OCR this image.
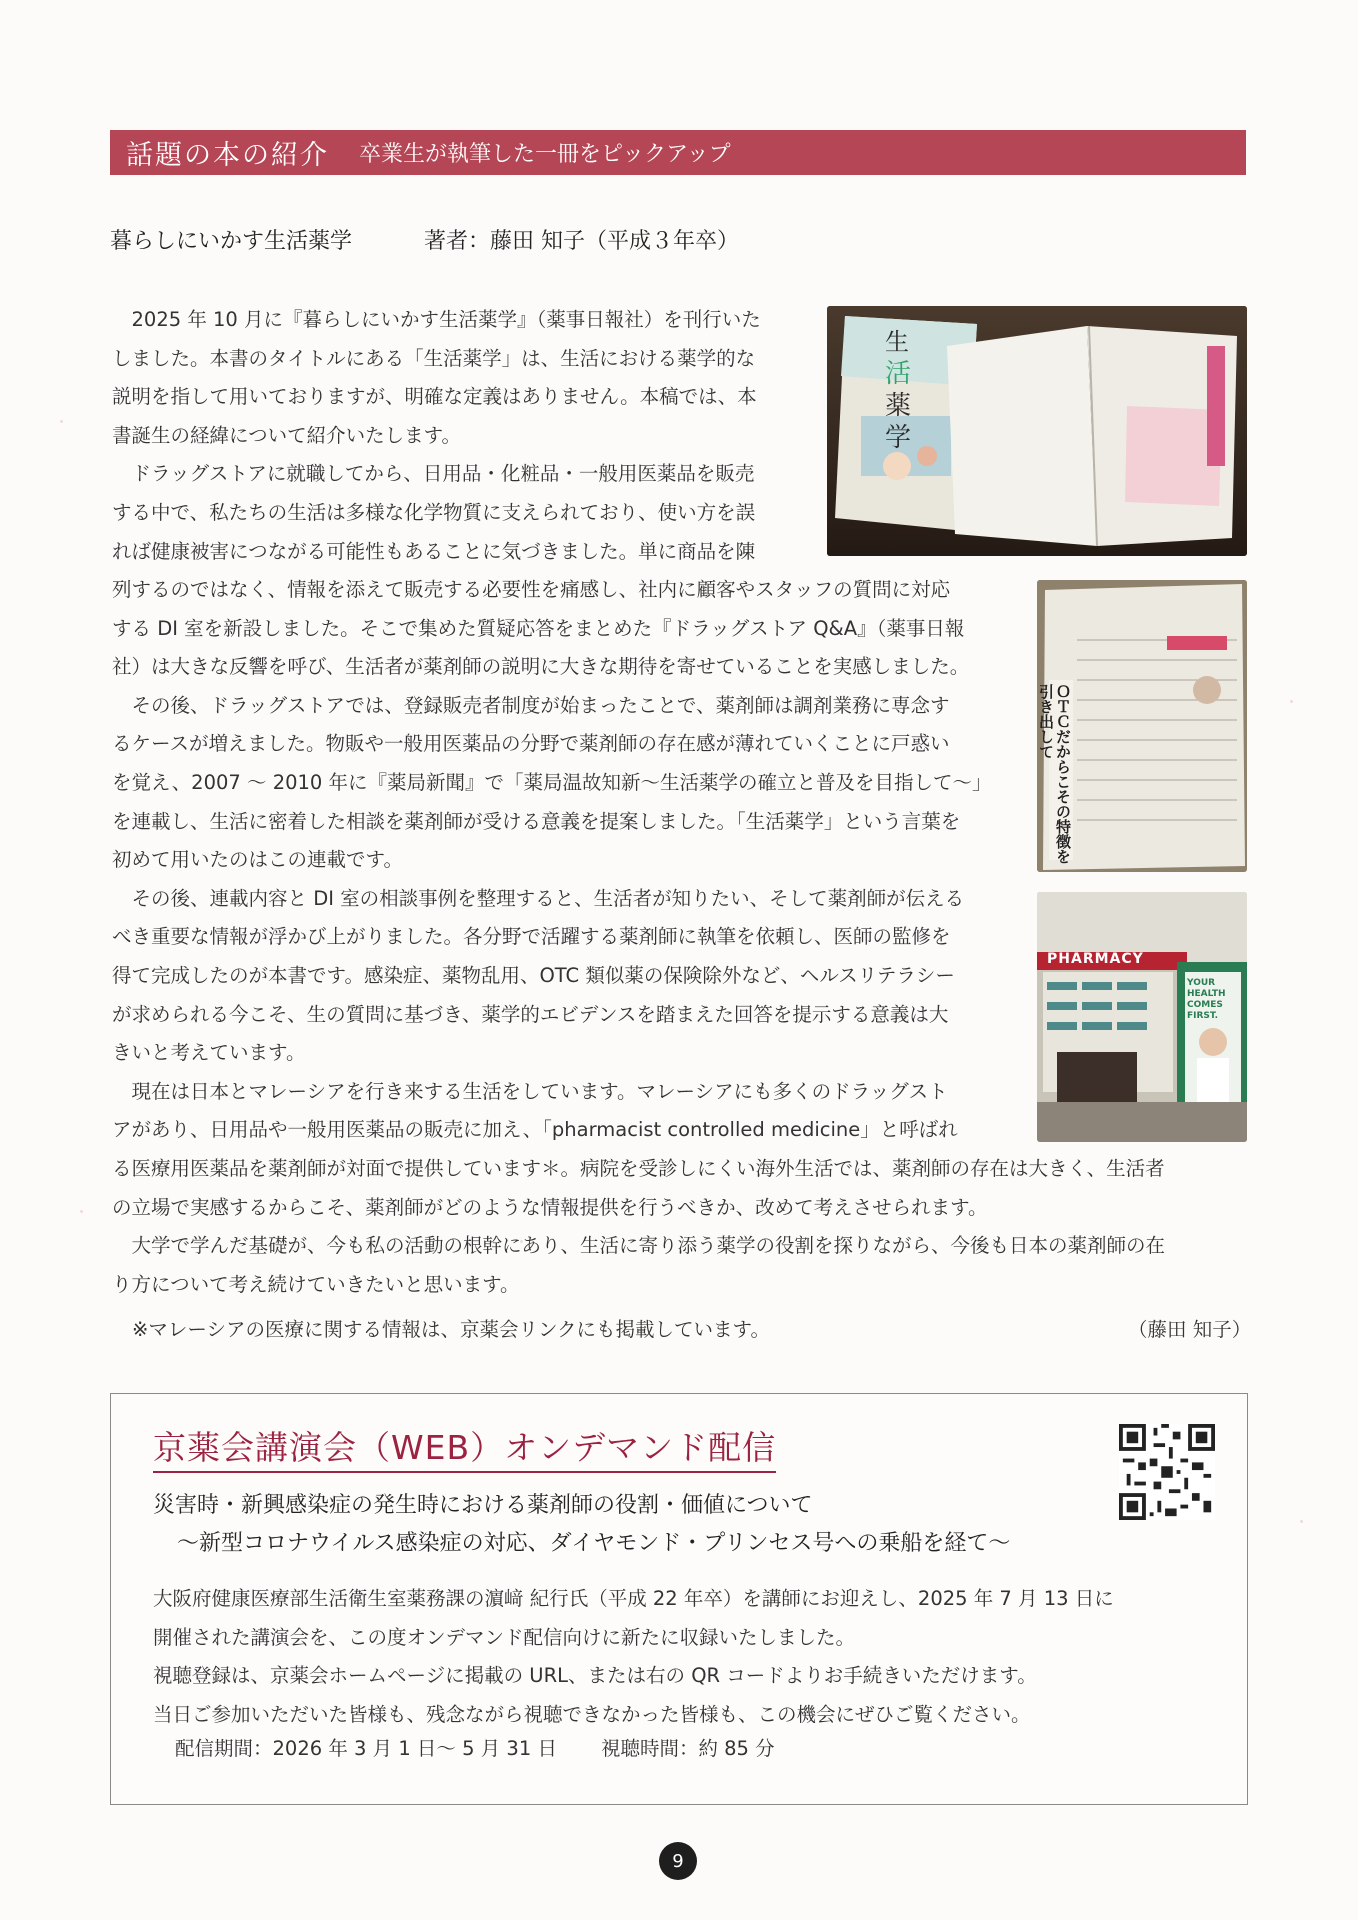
話題の本の紹介 卒業生が執筆した一冊をピックアップ
暮らしにいかす生活薬学	著者：藤田 知子（平成３年卒）
2025 年 10 月に『暮らしにいかす生活薬学』（薬事日報社）を刊行いた
しました。本書のタイトルにある「生活薬学」は、生活における薬学的な
説明を指して用いておりますが、明確な定義はありません。本稿では、本
書誕生の経緯について紹介いたします。
ドラッグストアに就職してから、日用品・化粧品・一般用医薬品を販売
する中で、私たちの生活は多様な化学物質に支えられており、使い方を誤
れば健康被害につながる可能性もあることに気づきました。単に商品を陳
列するのではなく、情報を添えて販売する必要性を痛感し、社内に顧客やスタッフの質問に対応
する DI 室を新設しました。そこで集めた質疑応答をまとめた『ドラッグストア Q&A』（薬事日報
社）は大きな反響を呼び、生活者が薬剤師の説明に大きな期待を寄せていることを実感しました。
その後、ドラッグストアでは、登録販売者制度が始まったことで、薬剤師は調剤業務に専念す
るケースが増えました。物販や一般用医薬品の分野で薬剤師の存在感が薄れていくことに戸惑い
を覚え、2007 ～ 2010 年に『薬局新聞』で「薬局温故知新～生活薬学の確立と普及を目指して～」
を連載し、生活に密着した相談を薬剤師が受ける意義を提案しました。「生活薬学」という言葉を
初めて用いたのはこの連載です。
その後、連載内容と DI 室の相談事例を整理すると、生活者が知りたい、そして薬剤師が伝える
べき重要な情報が浮かび上がりました。各分野で活躍する薬剤師に執筆を依頼し、医師の監修を
得て完成したのが本書です。感染症、薬物乱用、OTC 類似薬の保険除外など、ヘルスリテラシー
が求められる今こそ、生の質問に基づき、薬学的エビデンスを踏まえた回答を提示する意義は大
きいと考えています。
現在は日本とマレーシアを行き来する生活をしています。マレーシアにも多くのドラッグスト
アがあり、日用品や一般用医薬品の販売に加え、「pharmacist controlled medicine」と呼ばれ
る医療用医薬品を薬剤師が対面で提供しています＊。病院を受診しにくい海外生活では、薬剤師の存在は大きく、生活者
の立場で実感するからこそ、薬剤師がどのような情報提供を行うべきか、改めて考えさせられます。
大学で学んだ基礎が、今も私の活動の根幹にあり、生活に寄り添う薬学の役割を探りながら、今後も日本の薬剤師の在
り方について考え続けていきたいと思います。
※マレーシアの医療に関する情報は、京薬会リンクにも掲載しています。	（藤田 知子）
生
活
薬
学
ＯＴＣだからこその特徴を引き出して
PHARMACY
YOUR HEALTH COMES FIRST.
京薬会講演会（WEB）オンデマンド配信
災害時・新興感染症の発生時における薬剤師の役割・価値について
～新型コロナウイルス感染症の対応、ダイヤモンド・プリンセス号への乗船を経て～
大阪府健康医療部生活衛生室薬務課の濵﨑 紀行氏（平成 22 年卒）を講師にお迎えし、2025 年 7 月 13 日に
開催された講演会を、この度オンデマンド配信向けに新たに収録いたしました。
視聴登録は、京薬会ホームページに掲載の URL、または右の QR コードよりお手続きいただけます。
当日ご参加いただいた皆様も、残念ながら視聴できなかった皆様も、この機会にぜひご覧ください。
配信期間：2026 年 3 月 1 日～ 5 月 31 日 視聴時間：約 85 分
9
